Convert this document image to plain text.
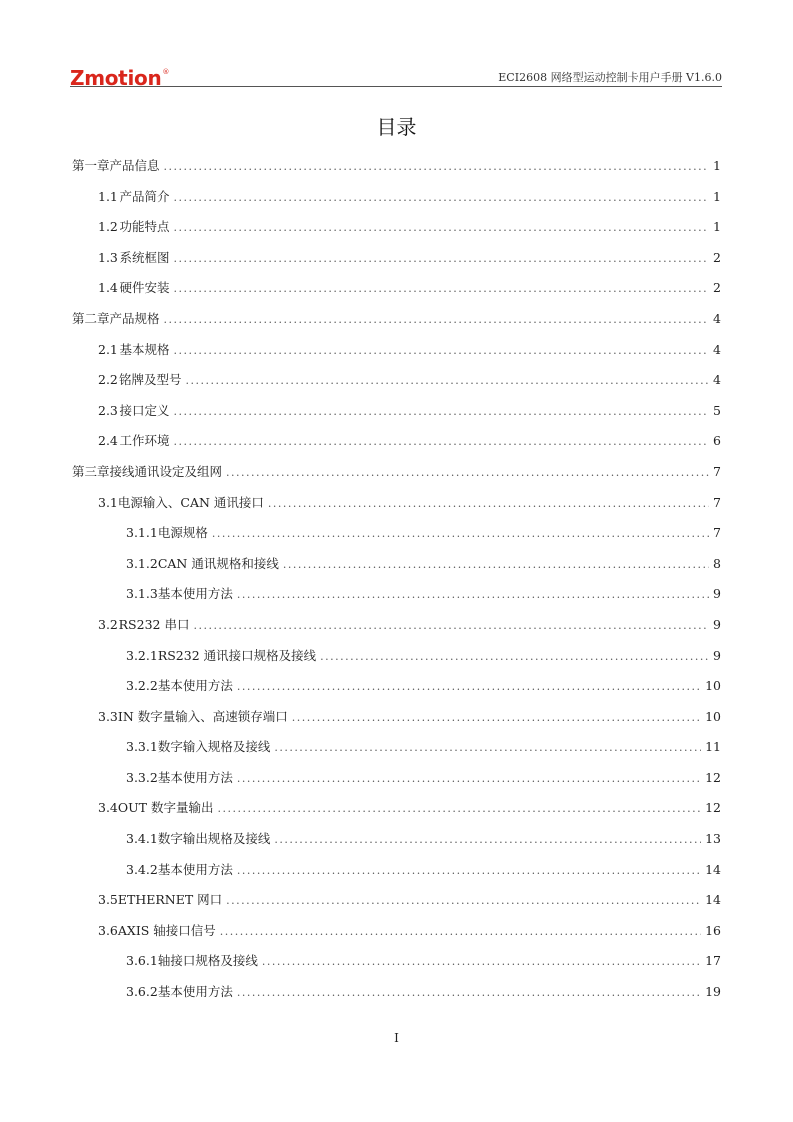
Zmotion®	ECI2608 网络型运动控制卡用户手册 V1.6.0
目录
第一章 产品信息 .....	1
1.1 产品简介 .....	1
1.2 功能特点 .....	1
1.3 系统框图 .....	2
1.4 硬件安装 .....	2
第二章 产品规格 .....	4
2.1 基本规格 .....	4
2.2 铭牌及型号 .....	4
2.3 接口定义 .....	5
2.4 工作环境 .....	6
第三章 接线通讯设定及组网 .....	7
3.1 电源输入、CAN 通讯接口 .....	7
3.1.1 电源规格 .....	7
3.1.2 CAN 通讯规格和接线 .....	8
3.1.3 基本使用方法 .....	9
3.2 RS232 串口 .....	9
3.2.1 RS232 通讯接口规格及接线 .....	9
3.2.2 基本使用方法 .....	10
3.3 IN 数字量输入、高速锁存端口 .....	10
3.3.1 数字输入规格及接线 .....	11
3.3.2 基本使用方法 .....	12
3.4 OUT 数字量输出 .....	12
3.4.1 数字输出规格及接线 .....	13
3.4.2 基本使用方法 .....	14
3.5 ETHERNET 网口 .....	14
3.6 AXIS 轴接口信号 .....	16
3.6.1 轴接口规格及接线 .....	17
3.6.2 基本使用方法 .....	19
I
